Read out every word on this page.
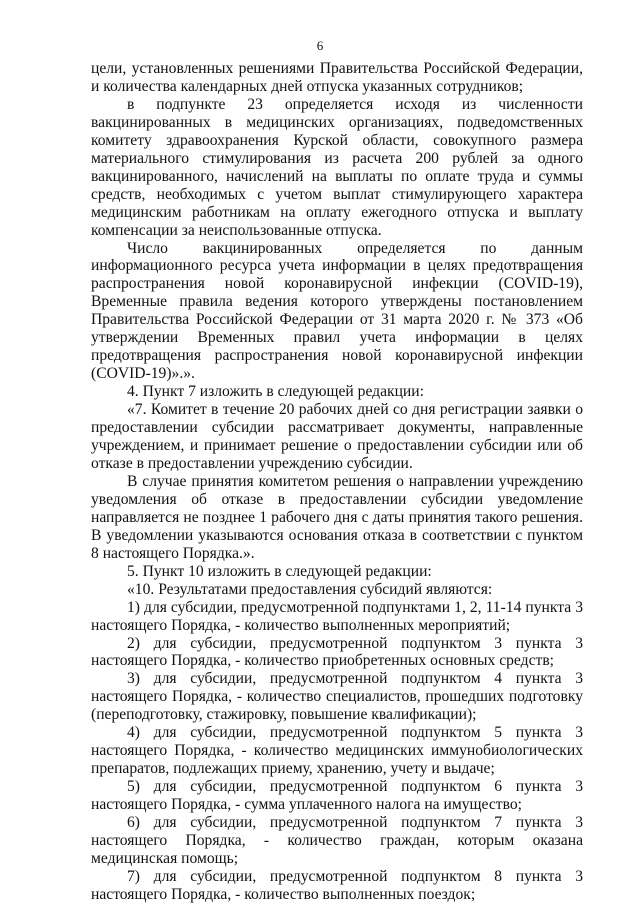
6

цели, установленных решениями Правительства Российской Федерации, и количества календарных дней отпуска указанных сотрудников;

в подпункте 23 определяется исходя из численности вакцинированных в медицинских организациях, подведомственных комитету здравоохранения Курской области, совокупного размера материального стимулирования из расчета 200 рублей за одного вакцинированного, начислений на выплаты по оплате труда и суммы средств, необходимых с учетом выплат стимулирующего характера медицинским работникам на оплату ежегодного отпуска и выплату компенсации за неиспользованные отпуска.

Число вакцинированных определяется по данным информационного ресурса учета информации в целях предотвращения распространения новой коронавирусной инфекции (COVID-19), Временные правила ведения которого утверждены постановлением Правительства Российской Федерации от 31 марта 2020 г. № 373 «Об утверждении Временных правил учета информации в целях предотвращения распространения новой коронавирусной инфекции (COVID-19)».».

4. Пункт 7 изложить в следующей редакции:

«7. Комитет в течение 20 рабочих дней со дня регистрации заявки о предоставлении субсидии рассматривает документы, направленные учреждением, и принимает решение о предоставлении субсидии или об отказе в предоставлении учреждению субсидии.

В случае принятия комитетом решения о направлении учреждению уведомления об отказе в предоставлении субсидии уведомление направляется не позднее 1 рабочего дня с даты принятия такого решения. В уведомлении указываются основания отказа в соответствии с пунктом 8 настоящего Порядка.».

5. Пункт 10 изложить в следующей редакции:

«10. Результатами предоставления субсидий являются:

1) для субсидии, предусмотренной подпунктами 1, 2, 11-14 пункта 3 настоящего Порядка, - количество выполненных мероприятий;

2) для субсидии, предусмотренной подпунктом 3 пункта 3 настоящего Порядка, - количество приобретенных основных средств;

3) для субсидии, предусмотренной подпунктом 4 пункта 3 настоящего Порядка, - количество специалистов, прошедших подготовку (переподготовку, стажировку, повышение квалификации);

4) для субсидии, предусмотренной подпунктом 5 пункта 3 настоящего Порядка, - количество медицинских иммунобиологических препаратов, подлежащих приему, хранению, учету и выдаче;

5) для субсидии, предусмотренной подпунктом 6 пункта 3 настоящего Порядка, - сумма уплаченного налога на имущество;

6) для субсидии, предусмотренной подпунктом 7 пункта 3 настоящего Порядка, - количество граждан, которым оказана медицинская помощь;

7) для субсидии, предусмотренной подпунктом 8 пункта 3 настоящего Порядка, - количество выполненных поездок;
